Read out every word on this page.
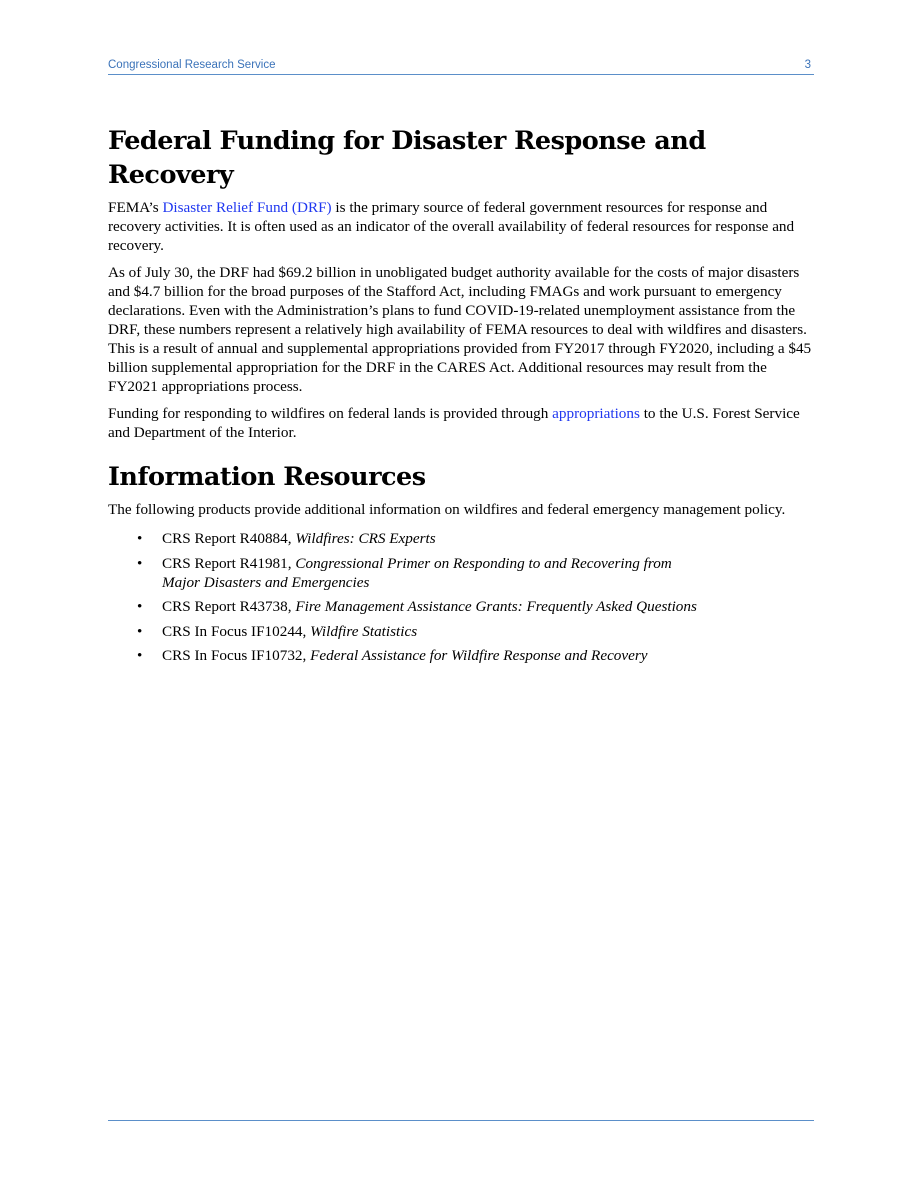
Congressional Research Service	3
Federal Funding for Disaster Response and Recovery

FEMA’s Disaster Relief Fund (DRF) is the primary source of federal government resources for response and recovery activities. It is often used as an indicator of the overall availability of federal resources for response and recovery.

As of July 30, the DRF had $69.2 billion in unobligated budget authority available for the costs of major disasters and $4.7 billion for the broad purposes of the Stafford Act, including FMAGs and work pursuant to emergency declarations. Even with the Administration’s plans to fund COVID-19-related unemployment assistance from the DRF, these numbers represent a relatively high availability of FEMA resources to deal with wildfires and disasters. This is a result of annual and supplemental appropriations provided from FY2017 through FY2020, including a $45 billion supplemental appropriation for the DRF in the CARES Act. Additional resources may result from the FY2021 appropriations process.

Funding for responding to wildfires on federal lands is provided through appropriations to the U.S. Forest Service and Department of the Interior.

Information Resources

The following products provide additional information on wildfires and federal emergency management policy.

• CRS Report R40884, Wildfires: CRS Experts
• CRS Report R41981, Congressional Primer on Responding to and Recovering from
Major Disasters and Emergencies
• CRS Report R43738, Fire Management Assistance Grants: Frequently Asked Questions
• CRS In Focus IF10244, Wildfire Statistics
• CRS In Focus IF10732, Federal Assistance for Wildfire Response and Recovery
